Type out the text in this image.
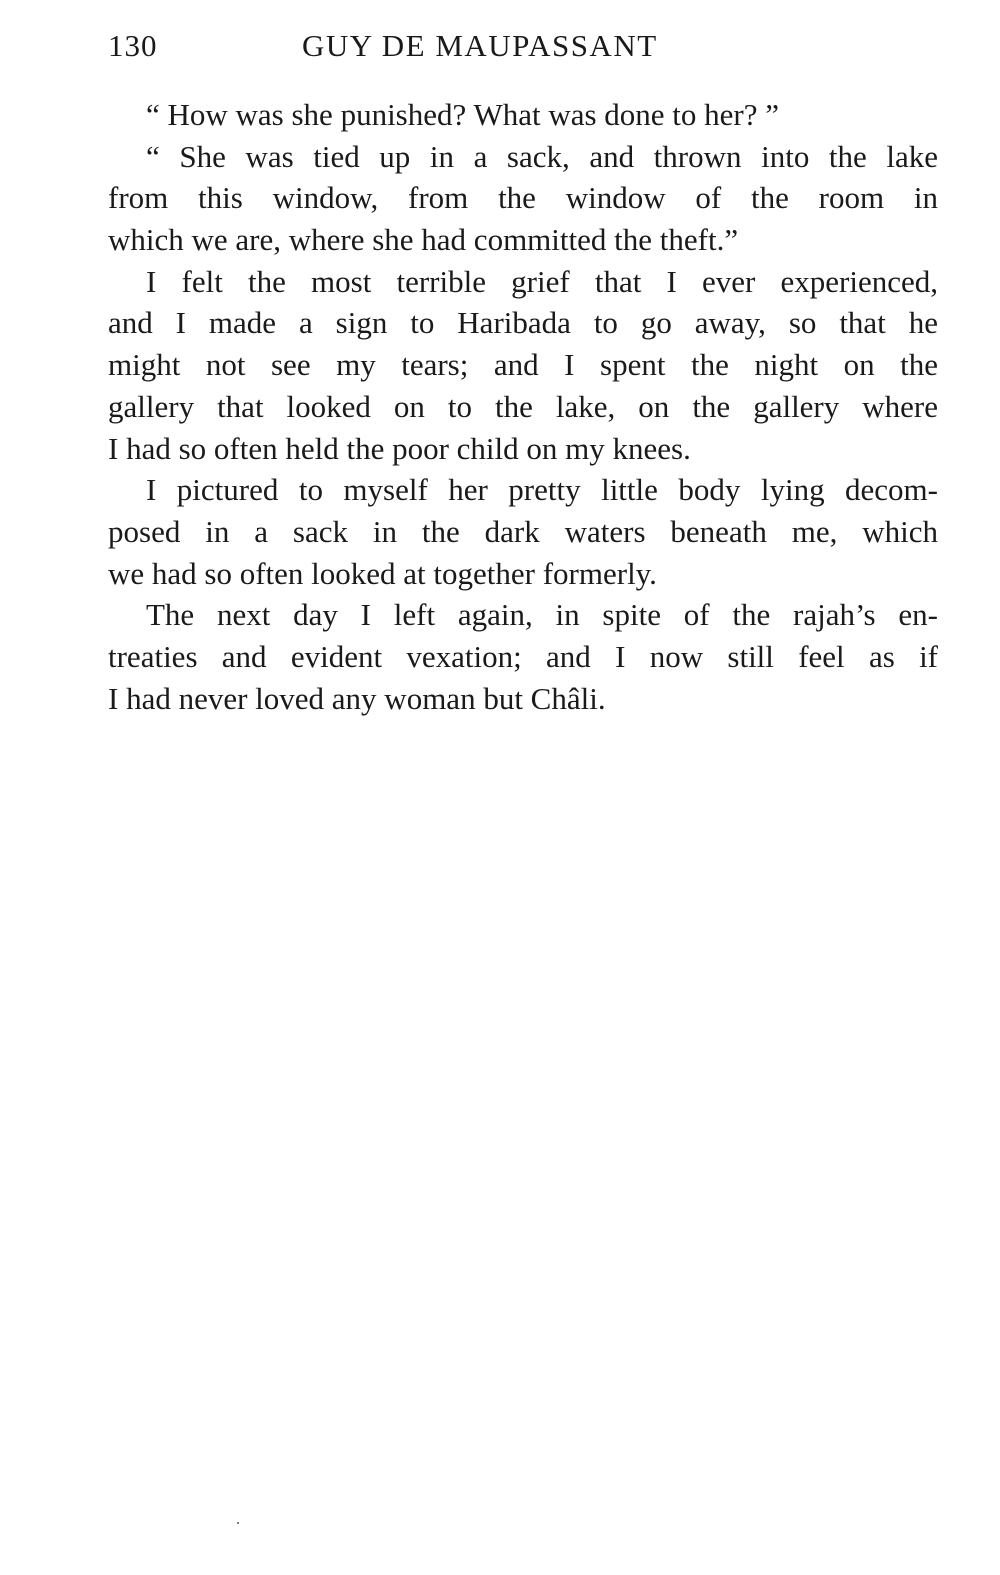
130	GUY DE MAUPASSANT
“ How was she punished? What was done to her? ”
“ She was tied up in a sack, and thrown into the lake
from this window, from the window of the room in
which we are, where she had committed the theft.”
I felt the most terrible grief that I ever experienced,
and I made a sign to Haribada to go away, so that he
might not see my tears; and I spent the night on the
gallery that looked on to the lake, on the gallery where
I had so often held the poor child on my knees.
I pictured to myself her pretty little body lying decom-
posed in a sack in the dark waters beneath me, which
we had so often looked at together formerly.
The next day I left again, in spite of the rajah’s en-
treaties and evident vexation; and I now still feel as if
I had never loved any woman but Châli.
